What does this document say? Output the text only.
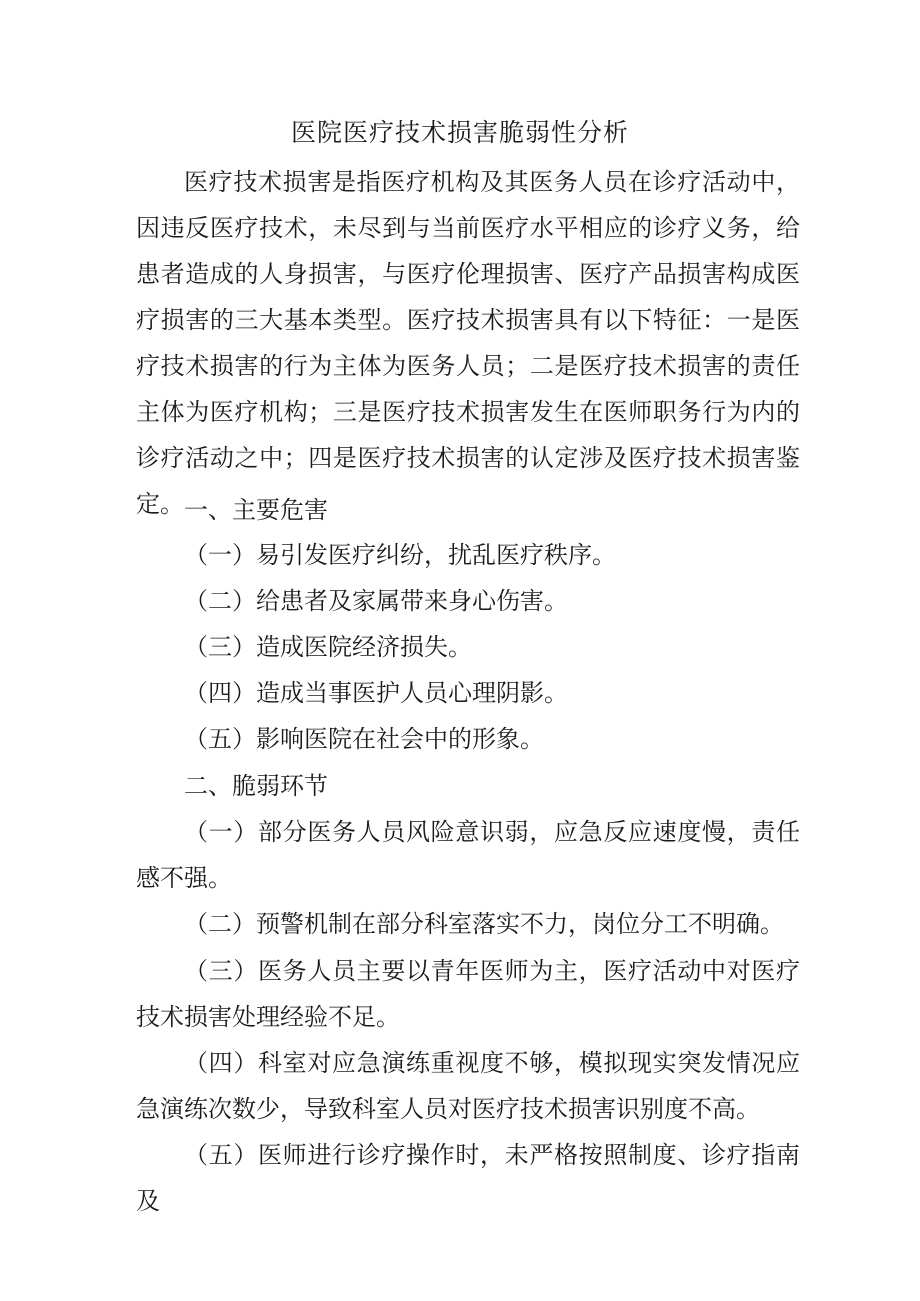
医院医疗技术损害脆弱性分析

医疗技术损害是指医疗机构及其医务人员在诊疗活动中，因违反医疗技术，未尽到与当前医疗水平相应的诊疗义务，给患者造成的人身损害，与医疗伦理损害、医疗产品损害构成医疗损害的三大基本类型。医疗技术损害具有以下特征：一是医疗技术损害的行为主体为医务人员；二是医疗技术损害的责任主体为医疗机构；三是医疗技术损害发生在医师职务行为内的诊疗活动之中；四是医疗技术损害的认定涉及医疗技术损害鉴定。 一、主要危害
（一）易引发医疗纠纷，扰乱医疗秩序。
（二）给患者及家属带来身心伤害。
（三）造成医院经济损失。
（四）造成当事医护人员心理阴影。
（五）影响医院在社会中的形象。
二、脆弱环节

（一）部分医务人员风险意识弱，应急反应速度慢，责任感不强。

（二）预警机制在部分科室落实不力，岗位分工不明确。

（三）医务人员主要以青年医师为主，医疗活动中对医疗技术损害处理经验不足。

（四）科室对应急演练重视度不够，模拟现实突发情况应急演练次数少，导致科室人员对医疗技术损害识别度不高。

（五）医师进行诊疗操作时，未严格按照制度、诊疗指南及
